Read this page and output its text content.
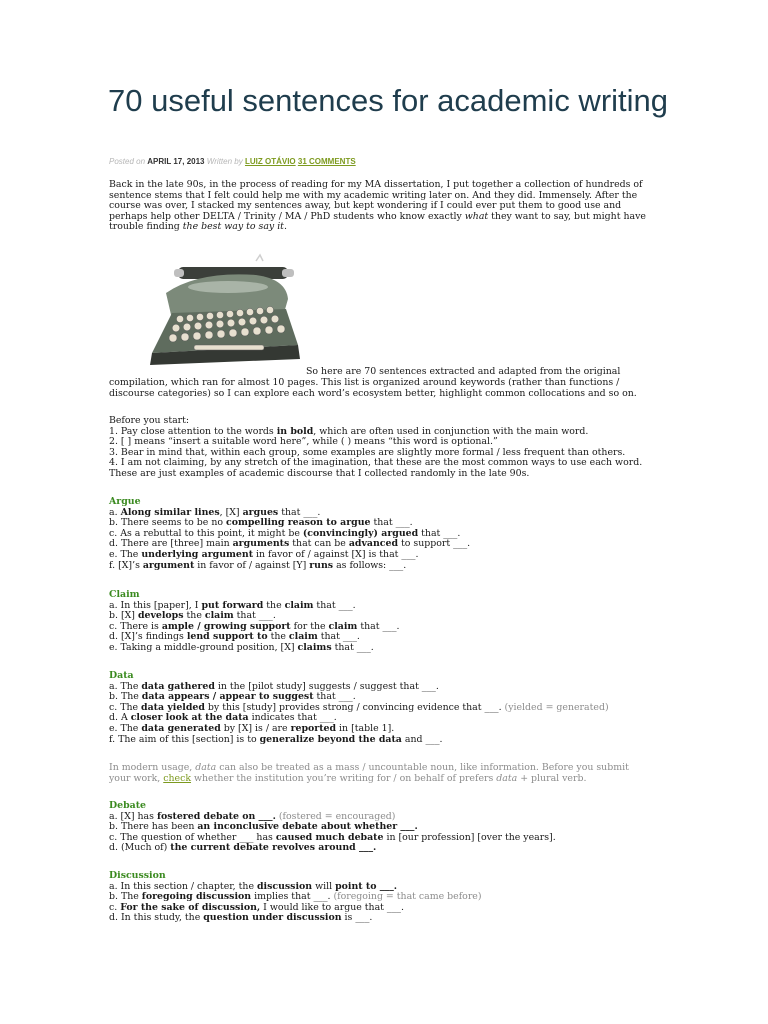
70 useful sentences for academic writing
Posted on APRIL 17, 2013 Written by LUIZ OTÁVIO 31 COMMENTS

Back in the late 90s, in the process of reading for my MA dissertation, I put together a collection of hundreds of sentence stems that I felt could help me with my academic writing later on. And they did. Immensely. After the course was over, I stacked my sentences away, but kept wondering if I could ever put them to good use and perhaps help other DELTA / Trinity / MA / PhD students who know exactly what they want to say, but might have trouble finding the best way to say it.

So here are 70 sentences extracted and adapted from the original
compilation, which ran for almost 10 pages. This list is organized around keywords (rather than functions / discourse categories) so I can explore each word’s ecosystem better, highlight common collocations and so on.

Before you start:

1. Pay close attention to the words in bold, which are often used in conjunction with the main word.

2. [ ] means “insert a suitable word here”, while ( ) means “this word is optional.”

3. Bear in mind that, within each group, some examples are slightly more formal / less frequent than others.

4. I am not claiming, by any stretch of the imagination, that these are the most common ways to use each word. These are just examples of academic discourse that I collected randomly in the late 90s.

Argue

a. Along similar lines, [X] argues that ___.

b. There seems to be no compelling reason to argue that ___.

c. As a rebuttal to this point, it might be (convincingly) argued that ___.

d. There are [three] main arguments that can be advanced to support ___.

e. The underlying argument in favor of / against [X] is that ___.

f. [X]’s argument in favor of / against [Y] runs as follows: ___.

Claim

a. In this [paper], I put forward the claim that ___.

b. [X] develops the claim that ___.

c. There is ample / growing support for the claim that ___.

d. [X]’s findings lend support to the claim that ___.

e. Taking a middle-ground position, [X] claims that ___.

Data

a. The data gathered in the [pilot study] suggests / suggest that ___.

b. The data appears / appear to suggest that ___.

c. The data yielded by this [study] provides strong / convincing evidence that ___. (yielded = generated)

d. A closer look at the data indicates that ___.

e. The data generated by [X] is / are reported in [table 1].

f. The aim of this [section] is to generalize beyond the data and ___.

In modern usage, data can also be treated as a mass / uncountable noun, like information. Before you submit your work, check whether the institution you’re writing for / on behalf of prefers data + plural verb.

Debate

a. [X] has fostered debate on ___. (fostered = encouraged)

b. There has been an inconclusive debate about whether ___.

c. The question of whether ___ has caused much debate in [our profession] [over the years].

d. (Much of) the current debate revolves around ___.

Discussion

a. In this section / chapter, the discussion will point to ___.

b. The foregoing discussion implies that ___. (foregoing = that came before)

c. For the sake of discussion, I would like to argue that ___.

d. In this study, the question under discussion is ___.
